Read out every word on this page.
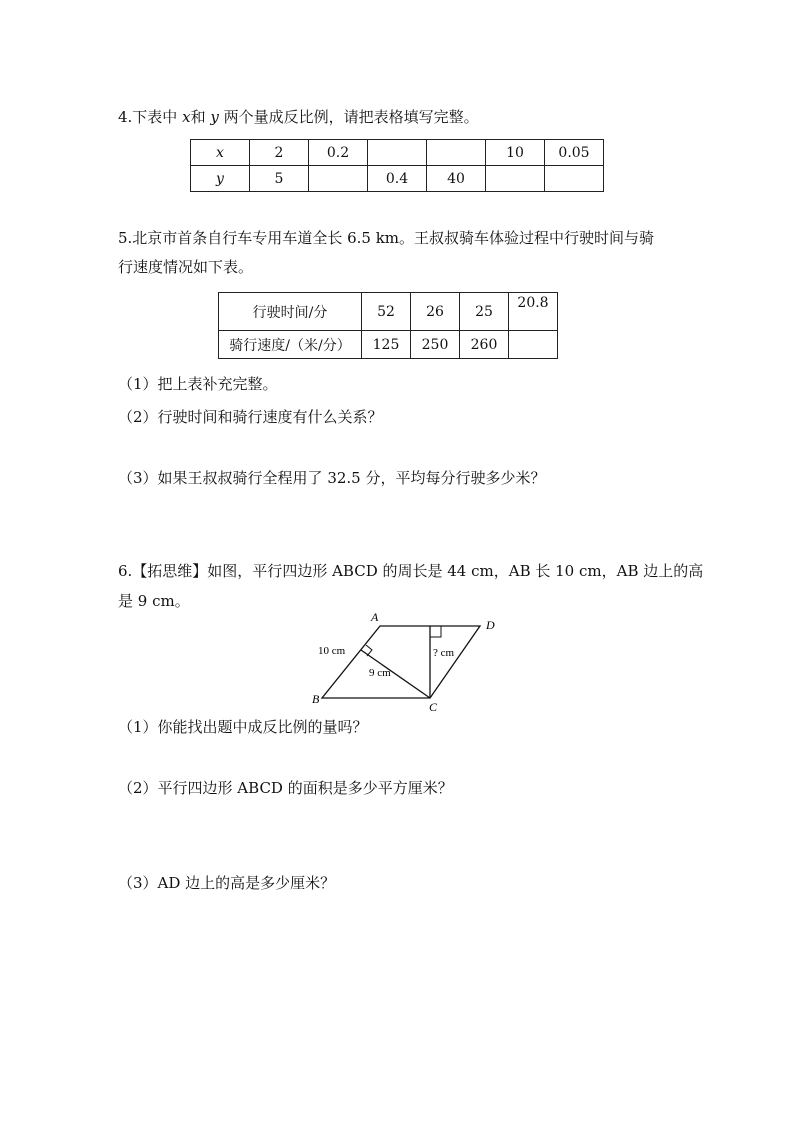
4.下表中 x和 y 两个量成反比例，请把表格填写完整。
x	2	0.2			10	0.05
y	5		0.4	40		
5.北京市首条自行车专用车道全长 6.5 km。王叔叔骑车体验过程中行驶时间与骑
行速度情况如下表。
行驶时间/分	52	26	25	20.8
骑行速度/（米/分）	125	250	260	
（1）把上表补充完整。
（2）行驶时间和骑行速度有什么关系？
（3）如果王叔叔骑行全程用了 32.5 分，平均每分行驶多少米？
6.【拓思维】如图，平行四边形 ABCD 的周长是 44 cm，AB 长 10 cm，AB 边上的高
是 9 cm。
A
D
B
C
10 cm
9 cm
? cm
（1）你能找出题中成反比例的量吗？
（2）平行四边形 ABCD 的面积是多少平方厘米？
（3）AD 边上的高是多少厘米？
